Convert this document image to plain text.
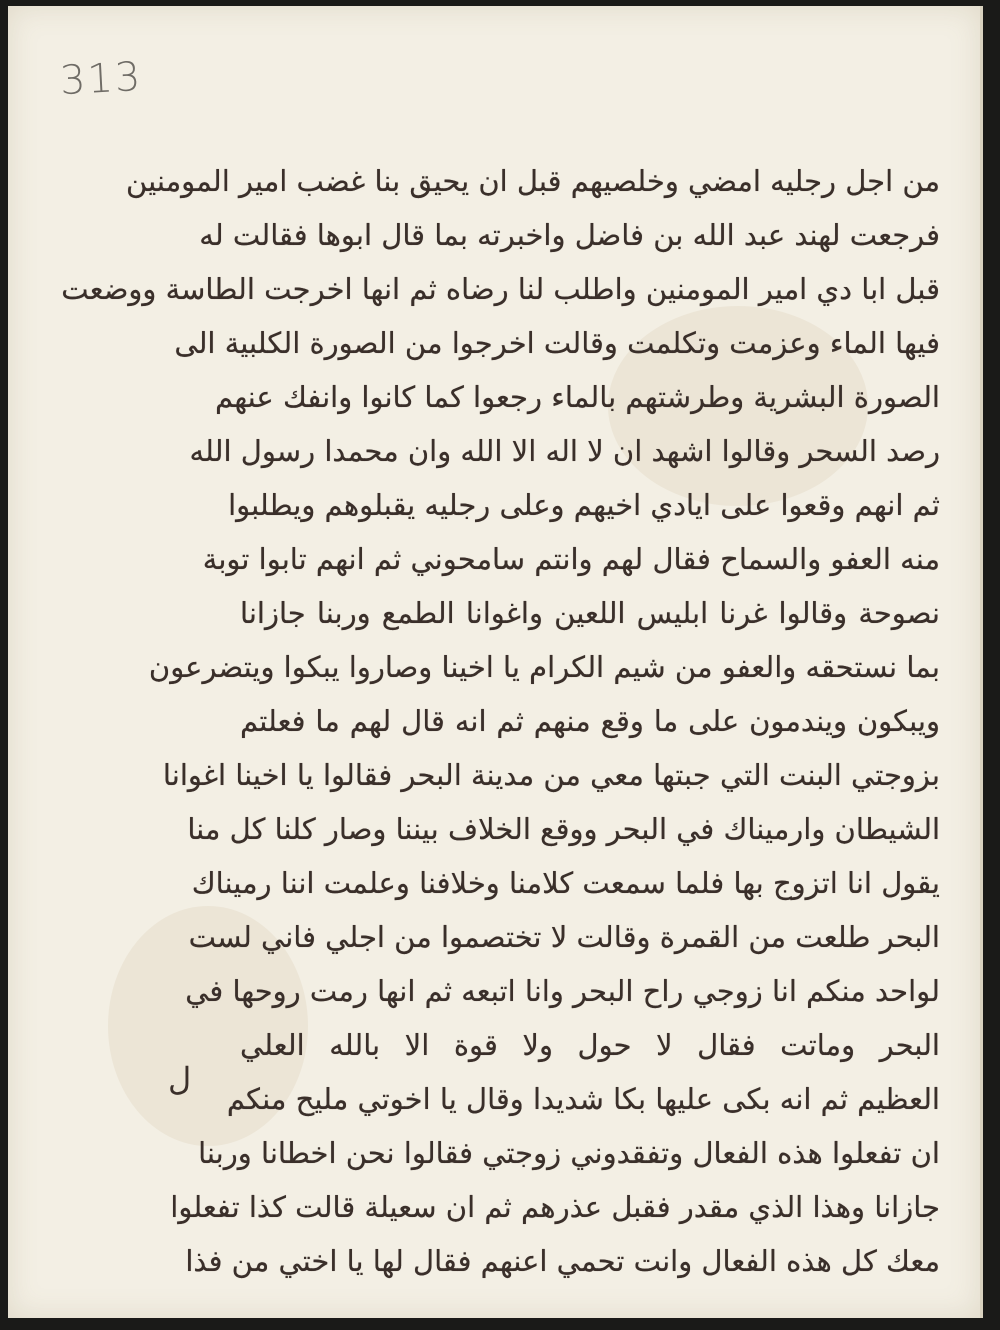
313
من اجل رجليه امضي وخلصيهم قبل ان يحيق بنا غضب امير المومنين
فرجعت لهند عبد الله بن فاضل واخبرته بما قال ابوها فقالت له
قبل ابا دي امير المومنين واطلب لنا رضاه ثم انها اخرجت الطاسة ووضعت
فيها الماء وعزمت وتكلمت وقالت اخرجوا من الصورة الكلبية الى
الصورة البشرية وطرشتهم بالماء رجعوا كما كانوا وانفك عنهم
رصد السحر وقالوا اشهد ان لا اله الا الله وان محمدا رسول الله
ثم انهم وقعوا على ايادي اخيهم وعلى رجليه يقبلوهم ويطلبوا
منه العفو والسماح فقال لهم وانتم سامحوني ثم انهم تابوا توبة
نصوحة وقالوا غرنا ابليس اللعين واغوانا الطمع وربنا جازانا
بما نستحقه والعفو من شيم الكرام يا اخينا وصاروا يبكوا ويتضرعون
ويبكون ويندمون على ما وقع منهم ثم انه قال لهم ما فعلتم
بزوجتي البنت التي جبتها معي من مدينة البحر فقالوا يا اخينا اغوانا
الشيطان وارميناك في البحر ووقع الخلاف بيننا وصار كلنا كل منا
يقول انا اتزوج بها فلما سمعت كلامنا وخلافنا وعلمت اننا رميناك
البحر طلعت من القمرة وقالت لا تختصموا من اجلي فاني لست
لواحد منكم انا زوجي راح البحر وانا اتبعه ثم انها رمت روحها في
البحر وماتت فقال لا حول ولا قوة الا بالله العلي
العظيم ثم انه بكى عليها بكا شديدا وقال يا اخوتي مليح منكم
ان تفعلوا هذه الفعال وتفقدوني زوجتي فقالوا نحن اخطانا وربنا
جازانا وهذا الذي مقدر فقبل عذرهم ثم ان سعيلة قالت كذا تفعلوا
معك كل هذه الفعال وانت تحمي اعنهم فقال لها يا اختي من فذا
ل
